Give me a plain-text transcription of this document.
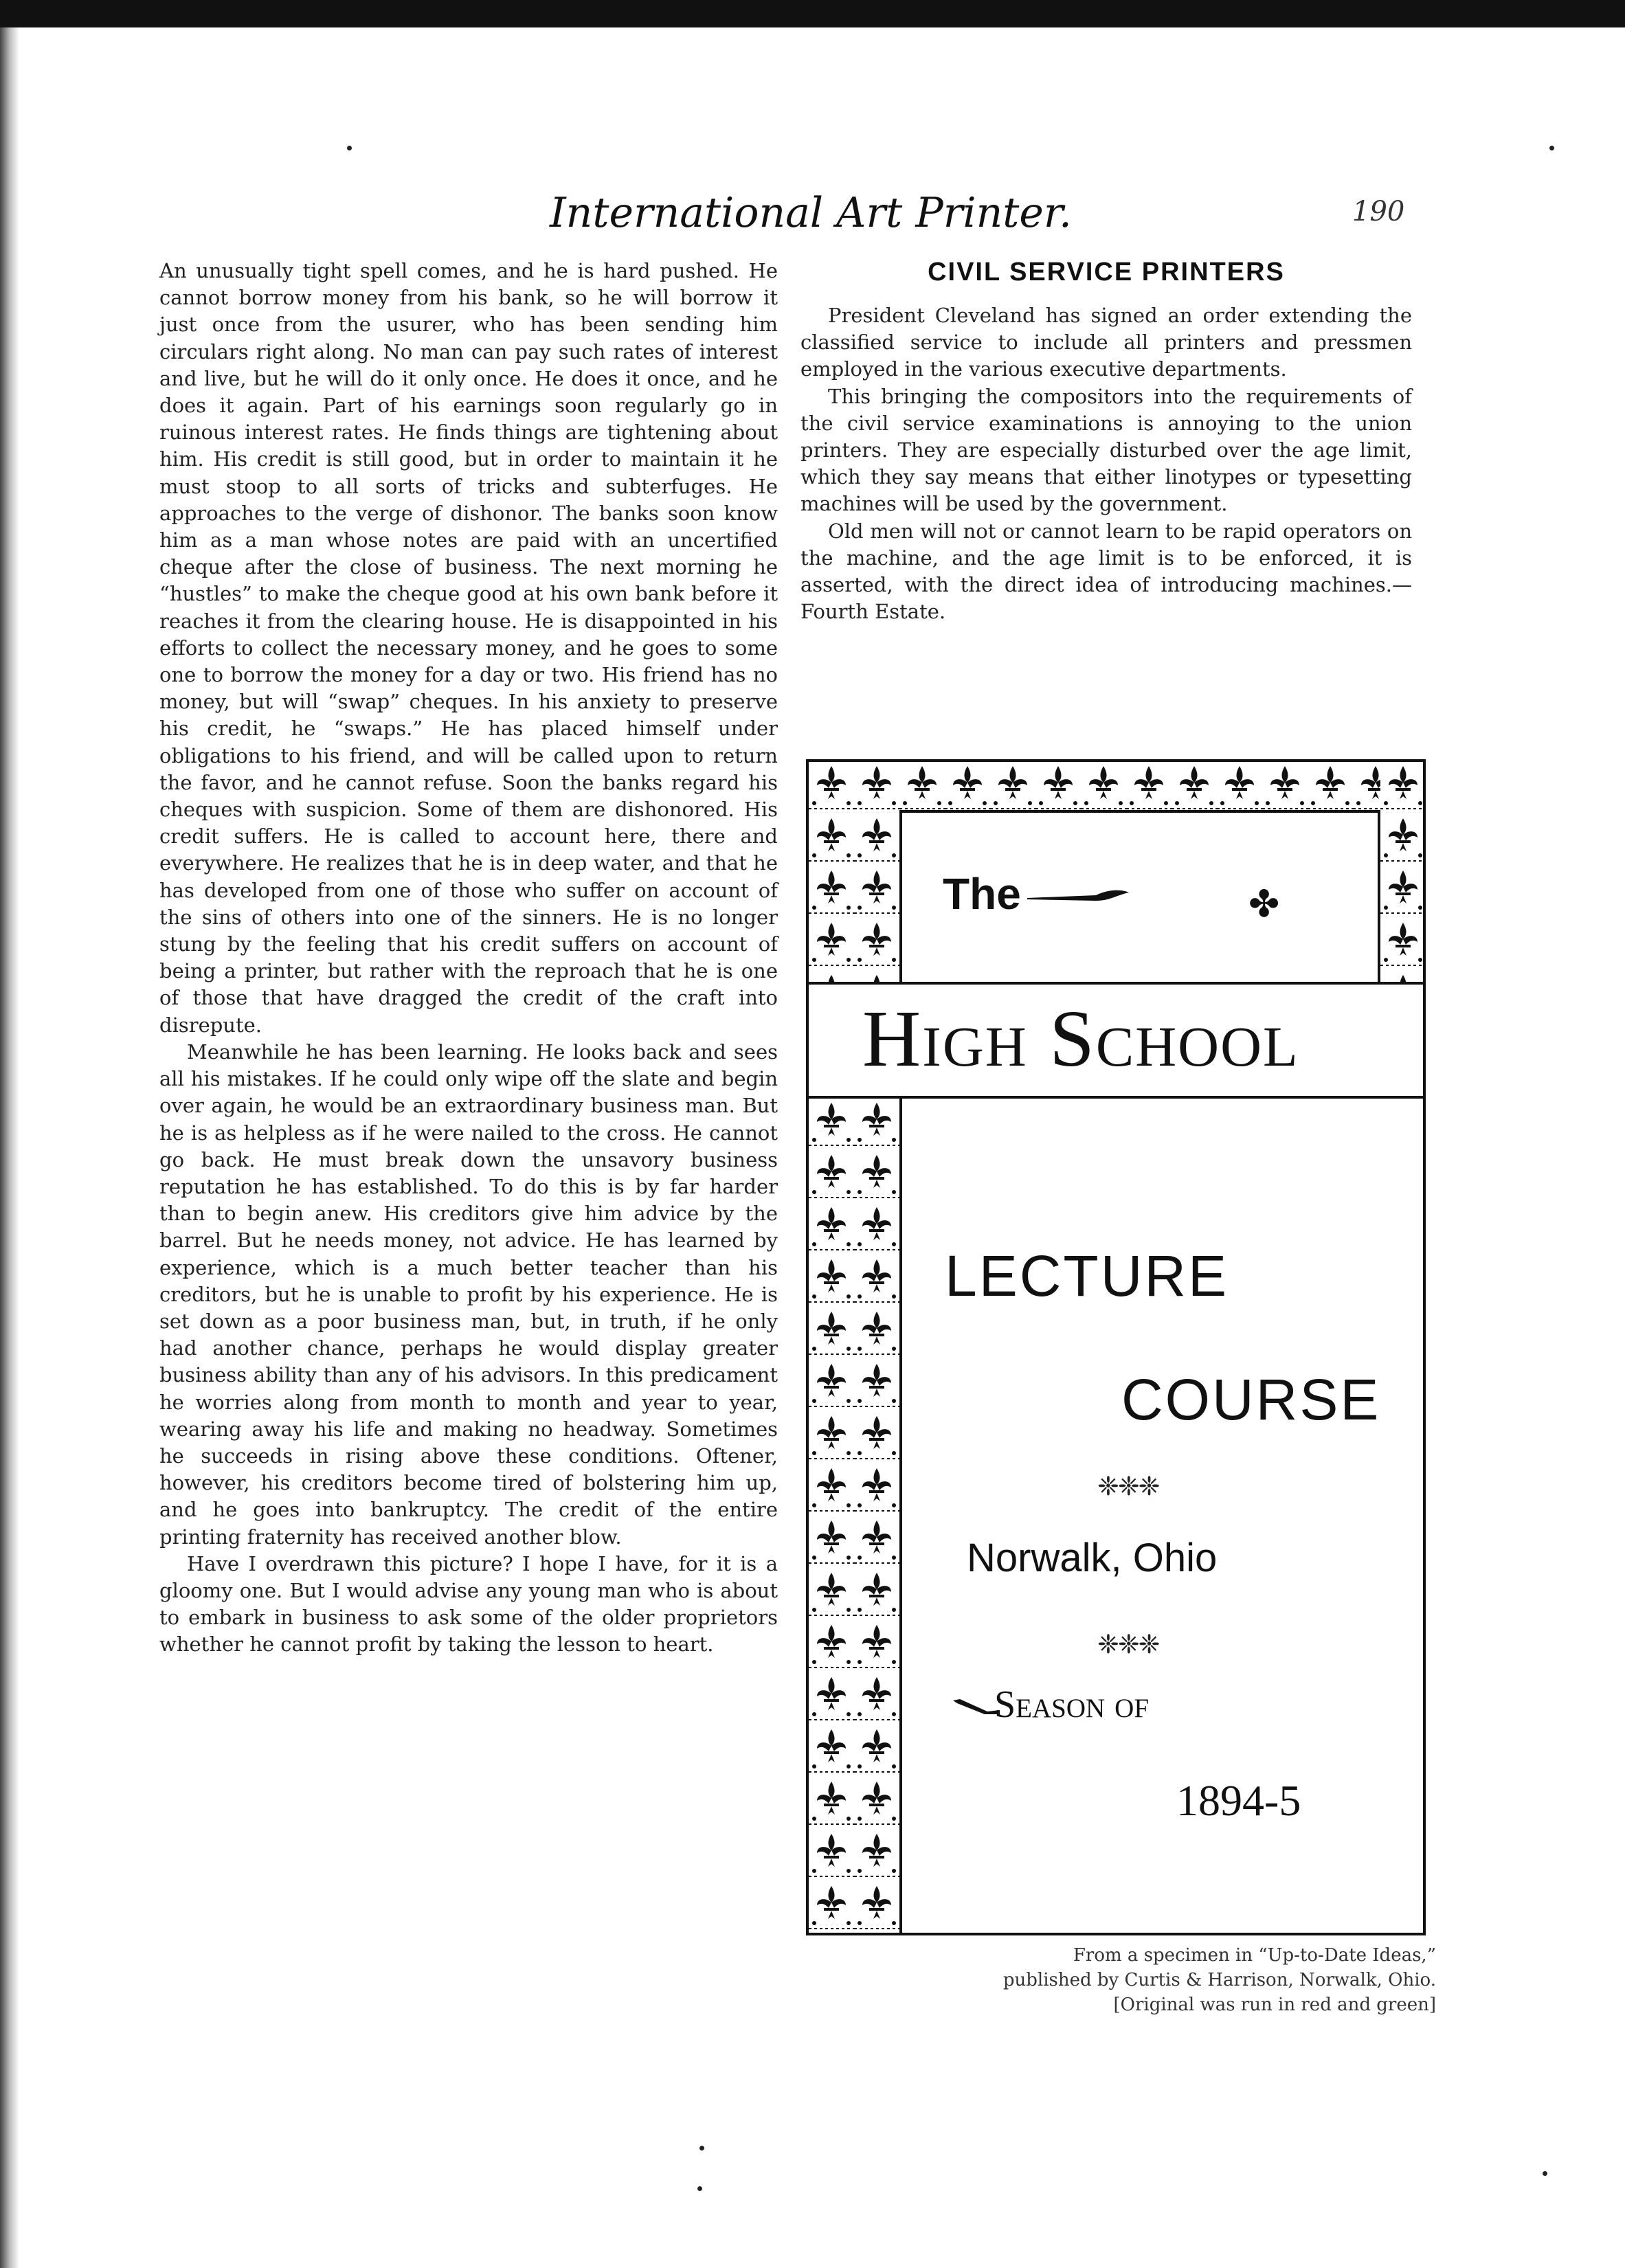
International Art Printer.	190

An unusually tight spell comes, and he is hard pushed. He cannot borrow money from his bank, so he will borrow it just once from the usurer, who has been sending him circulars right along. No man can pay such rates of interest and live, but he will do it only once. He does it once, and he does it again. Part of his earnings soon regularly go in ruinous interest rates. He finds things are tightening about him. His credit is still good, but in order to maintain it he must stoop to all sorts of tricks and subterfuges. He approaches to the verge of dishonor. The banks soon know him as a man whose notes are paid with an uncertified cheque after the close of business. The next morning he “hustles” to make the cheque good at his own bank before it reaches it from the clearing house. He is disappointed in his efforts to collect the necessary money, and he goes to some one to borrow the money for a day or two. His friend has no money, but will “swap” cheques. In his anxiety to preserve his credit, he “swaps.” He has placed himself under obligations to his friend, and will be called upon to return the favor, and he cannot refuse. Soon the banks regard his cheques with suspicion. Some of them are dishonored. His credit suffers. He is called to account here, there and everywhere. He realizes that he is in deep water, and that he has developed from one of those who suffer on account of the sins of others into one of the sinners. He is no longer stung by the feeling that his credit suffers on account of being a printer, but rather with the reproach that he is one of those that have dragged the credit of the craft into disrepute.

Meanwhile he has been learning. He looks back and sees all his mistakes. If he could only wipe off the slate and begin over again, he would be an extraordinary business man. But he is as helpless as if he were nailed to the cross. He cannot go back. He must break down the unsavory business reputation he has established. To do this is by far harder than to begin anew. His creditors give him advice by the barrel. But he needs money, not advice. He has learned by experience, which is a much better teacher than his creditors, but he is unable to profit by his experience. He is set down as a poor business man, but, in truth, if he only had another chance, perhaps he would display greater business ability than any of his advisors. In this predicament he worries along from month to month and year to year, wearing away his life and making no headway. Sometimes he succeeds in rising above these conditions. Oftener, however, his creditors become tired of bolstering him up, and he goes into bankruptcy. The credit of the entire printing fraternity has received another blow.

Have I overdrawn this picture? I hope I have, for it is a gloomy one. But I would advise any young man who is about to embark in business to ask some of the older proprietors whether he cannot profit by taking the lesson to heart.

CIVIL SERVICE PRINTERS

President Cleveland has signed an order extending the classified service to include all printers and pressmen employed in the various executive departments.

This bringing the compositors into the requirements of the civil service examinations is annoying to the union printers. They are especially disturbed over the age limit, which they say means that either linotypes or typesetting machines will be used by the government.

Old men will not or cannot learn to be rapid operators on the machine, and the age limit is to be enforced, it is asserted, with the direct idea of introducing machines.—Fourth Estate.

The	✤
High School
LECTURE
COURSE
❈❈❈
Norwalk, Ohio
❈❈❈
Season of
1894-5
From a specimen in “Up-to-Date Ideas,”
published by Curtis & Harrison, Norwalk, Ohio.
[Original was run in red and green]
